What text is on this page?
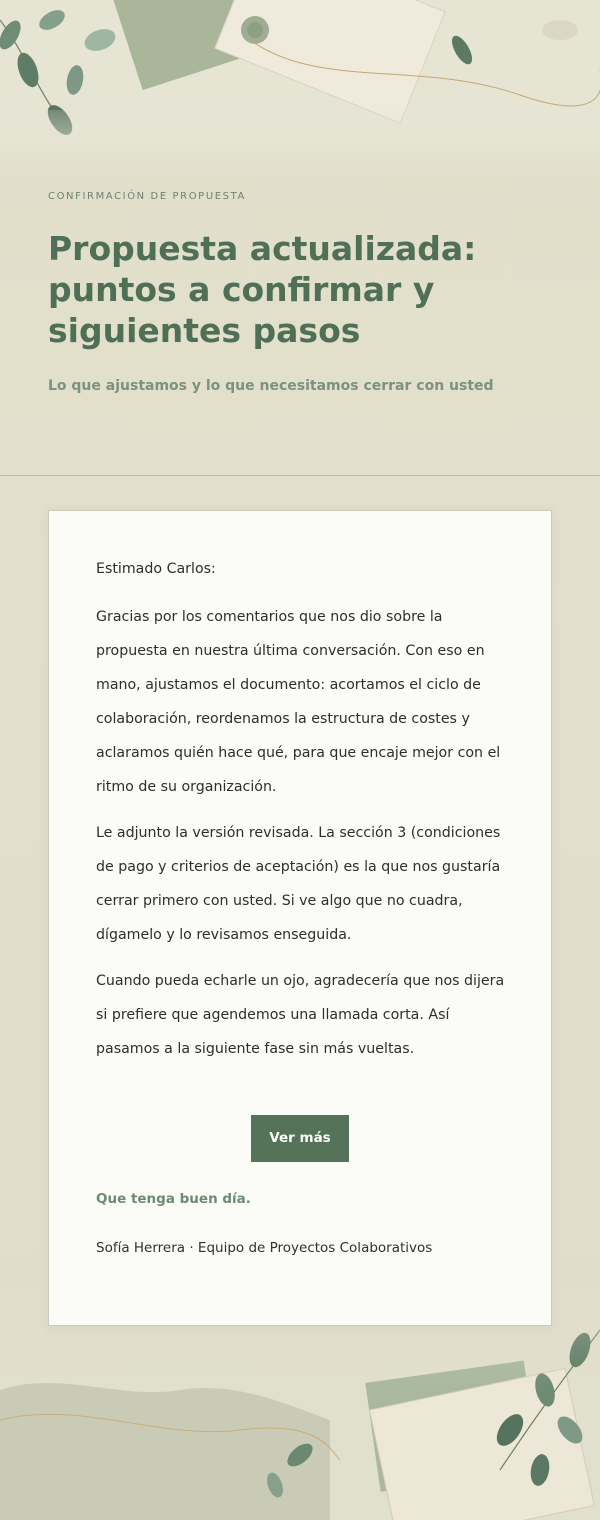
CONFIRMACIÓN DE PROPUESTA
Propuesta actualizada: puntos a confirmar y siguientes pasos
Lo que ajustamos y lo que necesitamos cerrar con usted

Estimado Carlos:

Gracias por los comentarios que nos dio sobre la propuesta en nuestra última conversación. Con eso en mano, ajustamos el documento: acortamos el ciclo de colaboración, reordenamos la estructura de costes y aclaramos quién hace qué, para que encaje mejor con el ritmo de su organización.

Le adjunto la versión revisada. La sección 3 (condiciones de pago y criterios de aceptación) es la que nos gustaría cerrar primero con usted. Si ve algo que no cuadra, dígamelo y lo revisamos enseguida.

Cuando pueda echarle un ojo, agradecería que nos dijera si prefiere que agendemos una llamada corta. Así pasamos a la siguiente fase sin más vueltas.

Ver más
Que tenga buen día.
Sofía Herrera · Equipo de Proyectos Colaborativos
